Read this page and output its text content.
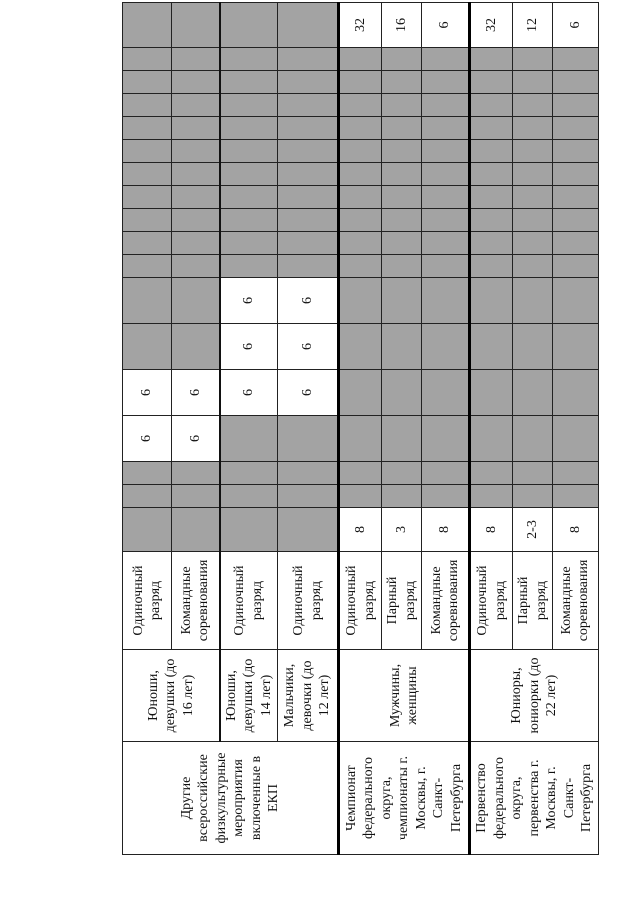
Другие всероссийские физкультурные мероприятия включенные в ЕКП	Юноши, девушки (до 16 лет)	Одиночный разряд				6	6													
		Командные соревнования				6	6													
	Юноши, девушки (до 14 лет)	Одиночный разряд					6	6	6											
	Мальчики, девочки (до 12 лет)	Одиночный разряд					6	6	6											
Чемпионат федерального округа, чемпионаты г. Москвы, г. Санкт-Петербурга	Мужчины, женщины	Одиночный разряд	8																	32
		Парный разряд	3																	16
		Командные соревнования	8																	6
Первенство федерального округа, первенства г. Москвы, г. Санкт-Петербурга	Юниоры, юниорки (до 22 лет)	Одиночный разряд	8																	32
		Парный разряд	2-3																	12
		Командные соревнования	8																	6
